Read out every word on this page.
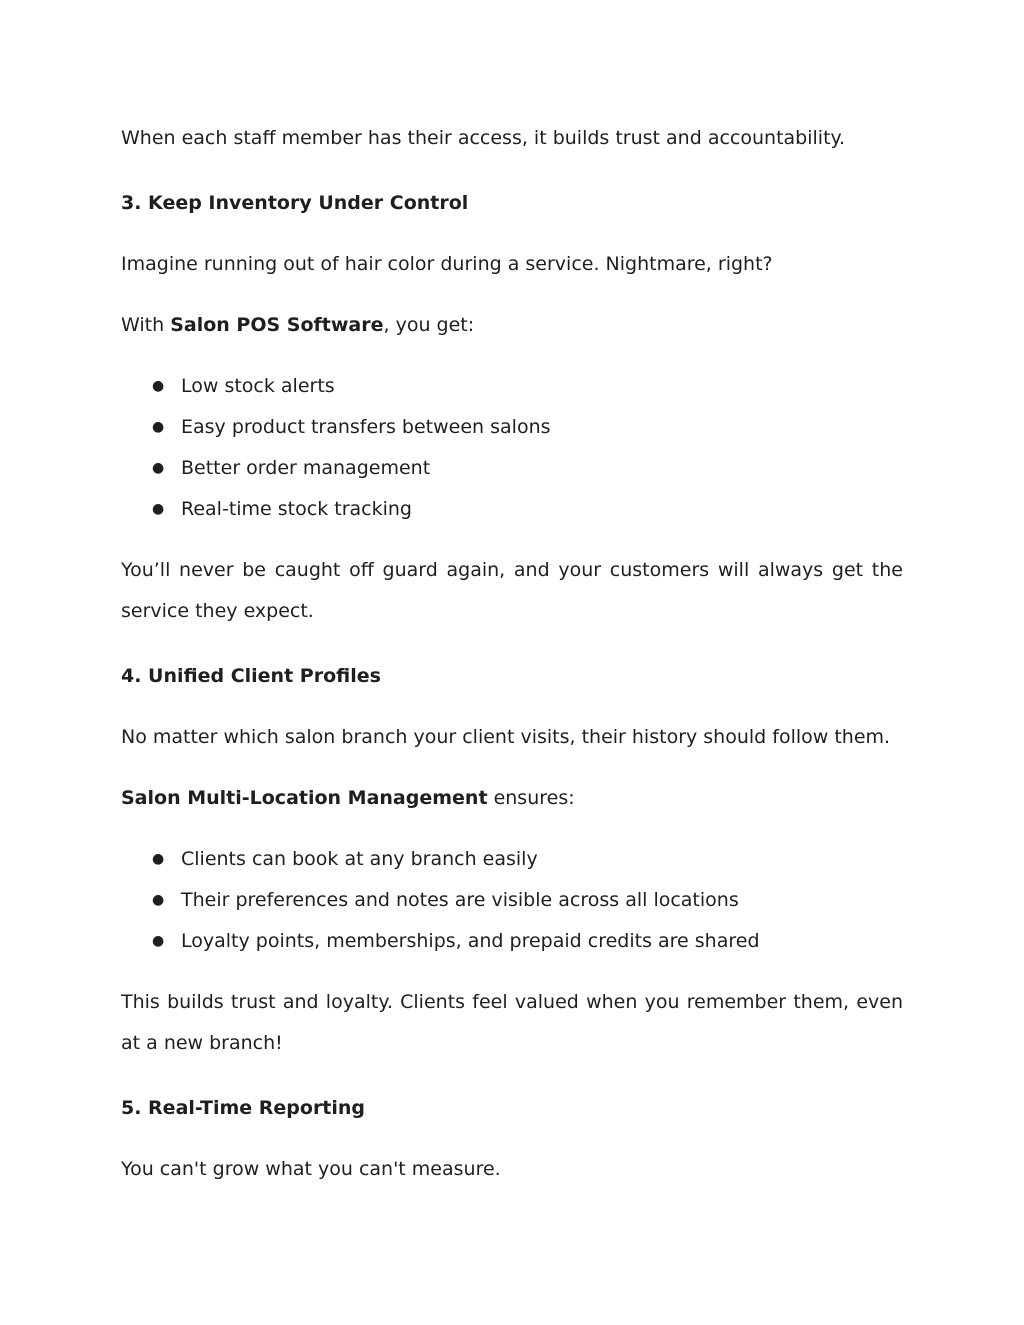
When each staff member has their access, it builds trust and accountability.

3. Keep Inventory Under Control

Imagine running out of hair color during a service. Nightmare, right?

With Salon POS Software, you get:

● Low stock alerts
● Easy product transfers between salons
● Better order management
● Real-time stock tracking

You’ll never be caught off guard again, and your customers will always get the service they expect.

4. Unified Client Profiles

No matter which salon branch your client visits, their history should follow them.

Salon Multi-Location Management ensures:

● Clients can book at any branch easily
● Their preferences and notes are visible across all locations
● Loyalty points, memberships, and prepaid credits are shared

This builds trust and loyalty. Clients feel valued when you remember them, even at a new branch!

5. Real-Time Reporting

You can't grow what you can't measure.
